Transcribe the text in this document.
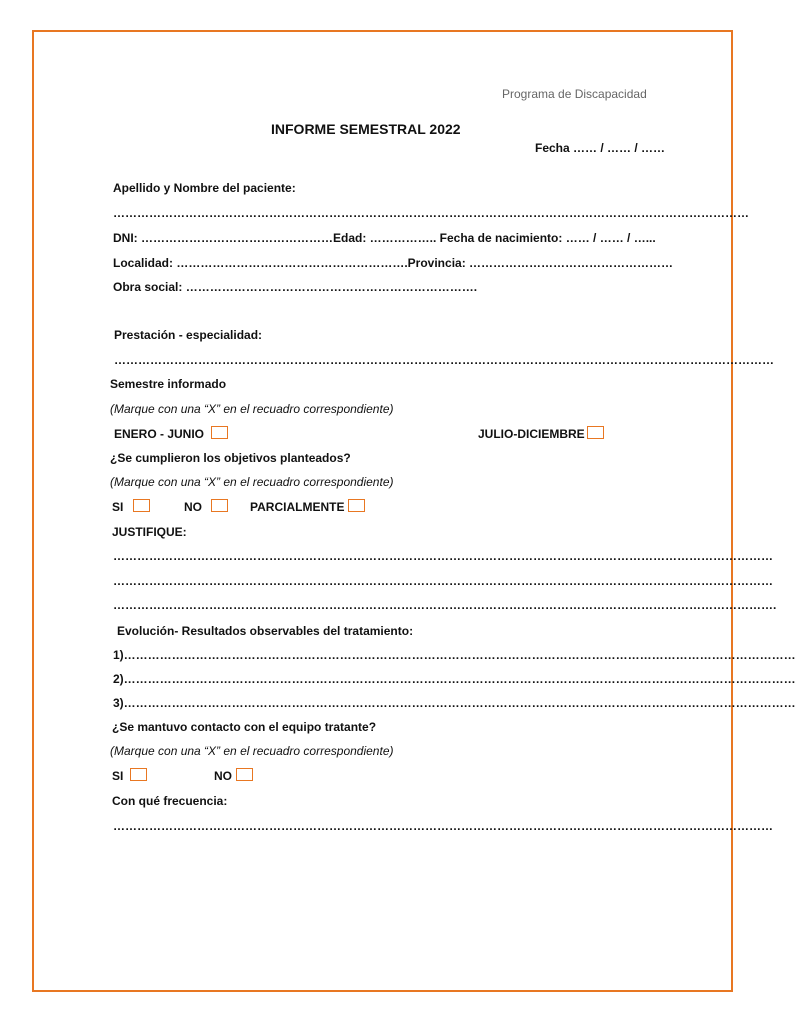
Programa de Discapacidad
INFORME SEMESTRAL 2022
Fecha …… / …… / ……
Apellido y Nombre del paciente:
……………………………………………………………………………………………………………………………………………
DNI: …………………………………………Edad: …………….. Fecha de nacimiento: …… / …… / …...
Localidad: ………………………………………………….Provincia: ……………………………………………
Obra social: ……………………………………………………………….
Prestación - especialidad:
…………………………………………………………………………………………………………………………………………………
Semestre informado
(Marque con una “X” en el recuadro correspondiente)
ENERO - JUNIO	JULIO-DICIEMBRE
¿Se cumplieron los objetivos planteados?
(Marque con una “X” en el recuadro correspondiente)
SI	NO	PARCIALMENTE
JUSTIFIQUE:
…………………………………………………………………………………………………………………………………………………
…………………………………………………………………………………………………………………………………………………
………………………………………………………………………………………………………………………………………………….
Evolución- Resultados observables del tratamiento:
1)……………………………………………………………………………………………………………………………………………………
2)……………………………………………………………………………………………………………………………………………………
3)……………………………………………………………………………………………………………………………………………………
¿Se mantuvo contacto con el equipo tratante?
(Marque con una “X” en el recuadro correspondiente)
SI	NO
Con qué frecuencia:
…………………………………………………………………………………………………………………………………………………
